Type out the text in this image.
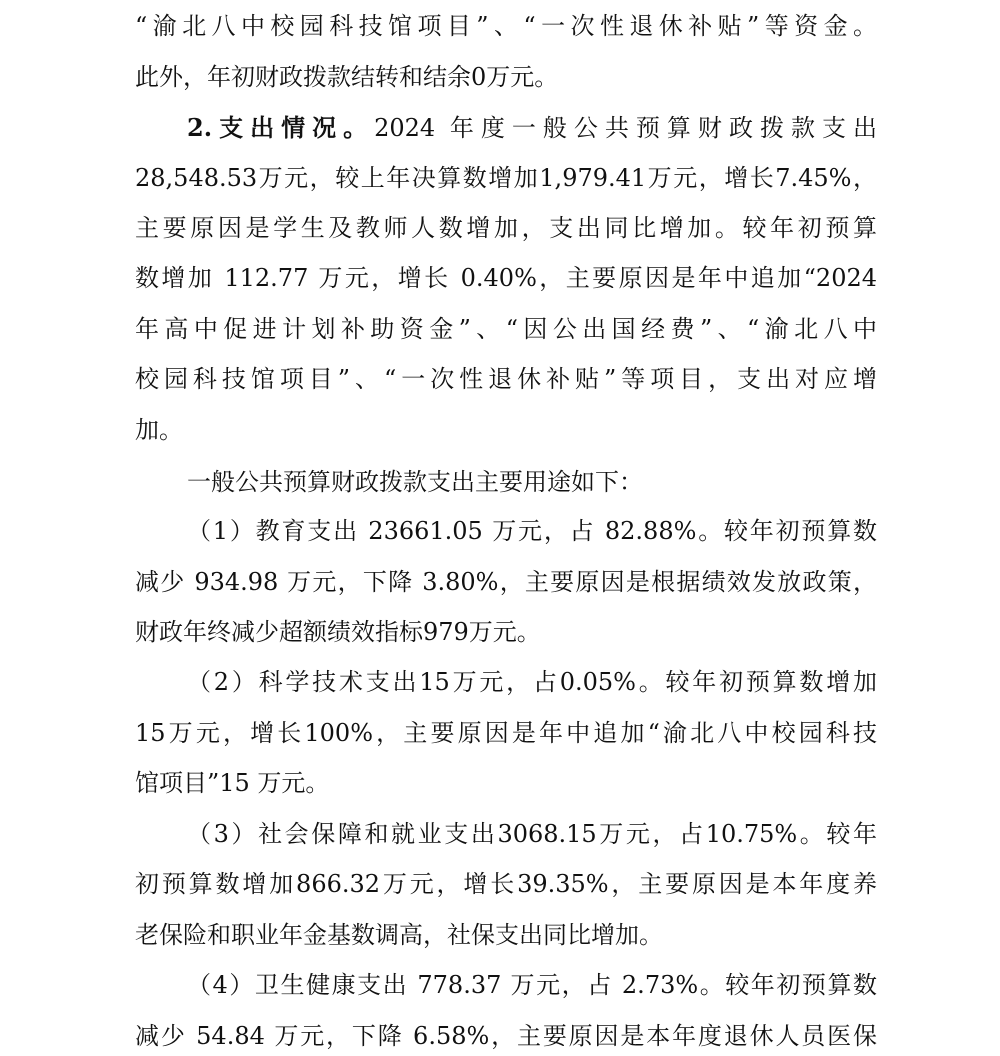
“渝北八中校园科技馆项目”、“一次性退休补贴”等资金。
此外，年初财政拨款结转和结余0万元。
2.支出情况。2024 年度一般公共预算财政拨款支出
28,548.53万元，较上年决算数增加1,979.41万元，增长7.45%，
主要原因是学生及教师人数增加，支出同比增加。较年初预算
数增加 112.77 万元，增长 0.40%，主要原因是年中追加“2024
年高中促进计划补助资金”、“因公出国经费”、“渝北八中
校园科技馆项目”、“一次性退休补贴”等项目，支出对应增
加。
一般公共预算财政拨款支出主要用途如下：
（1）教育支出 23661.05 万元，占 82.88%。较年初预算数
减少 934.98 万元，下降 3.80%，主要原因是根据绩效发放政策，
财政年终减少超额绩效指标979万元。
（2）科学技术支出15万元，占0.05%。较年初预算数增加
15万元，增长100%，主要原因是年中追加“渝北八中校园科技
馆项目”15 万元。
（3）社会保障和就业支出3068.15万元，占10.75%。较年
初预算数增加866.32万元，增长39.35%，主要原因是本年度养
老保险和职业年金基数调高，社保支出同比增加。
（4）卫生健康支出 778.37 万元，占 2.73%。较年初预算数
减少 54.84 万元，下降 6.58%，主要原因是本年度退休人员医保
